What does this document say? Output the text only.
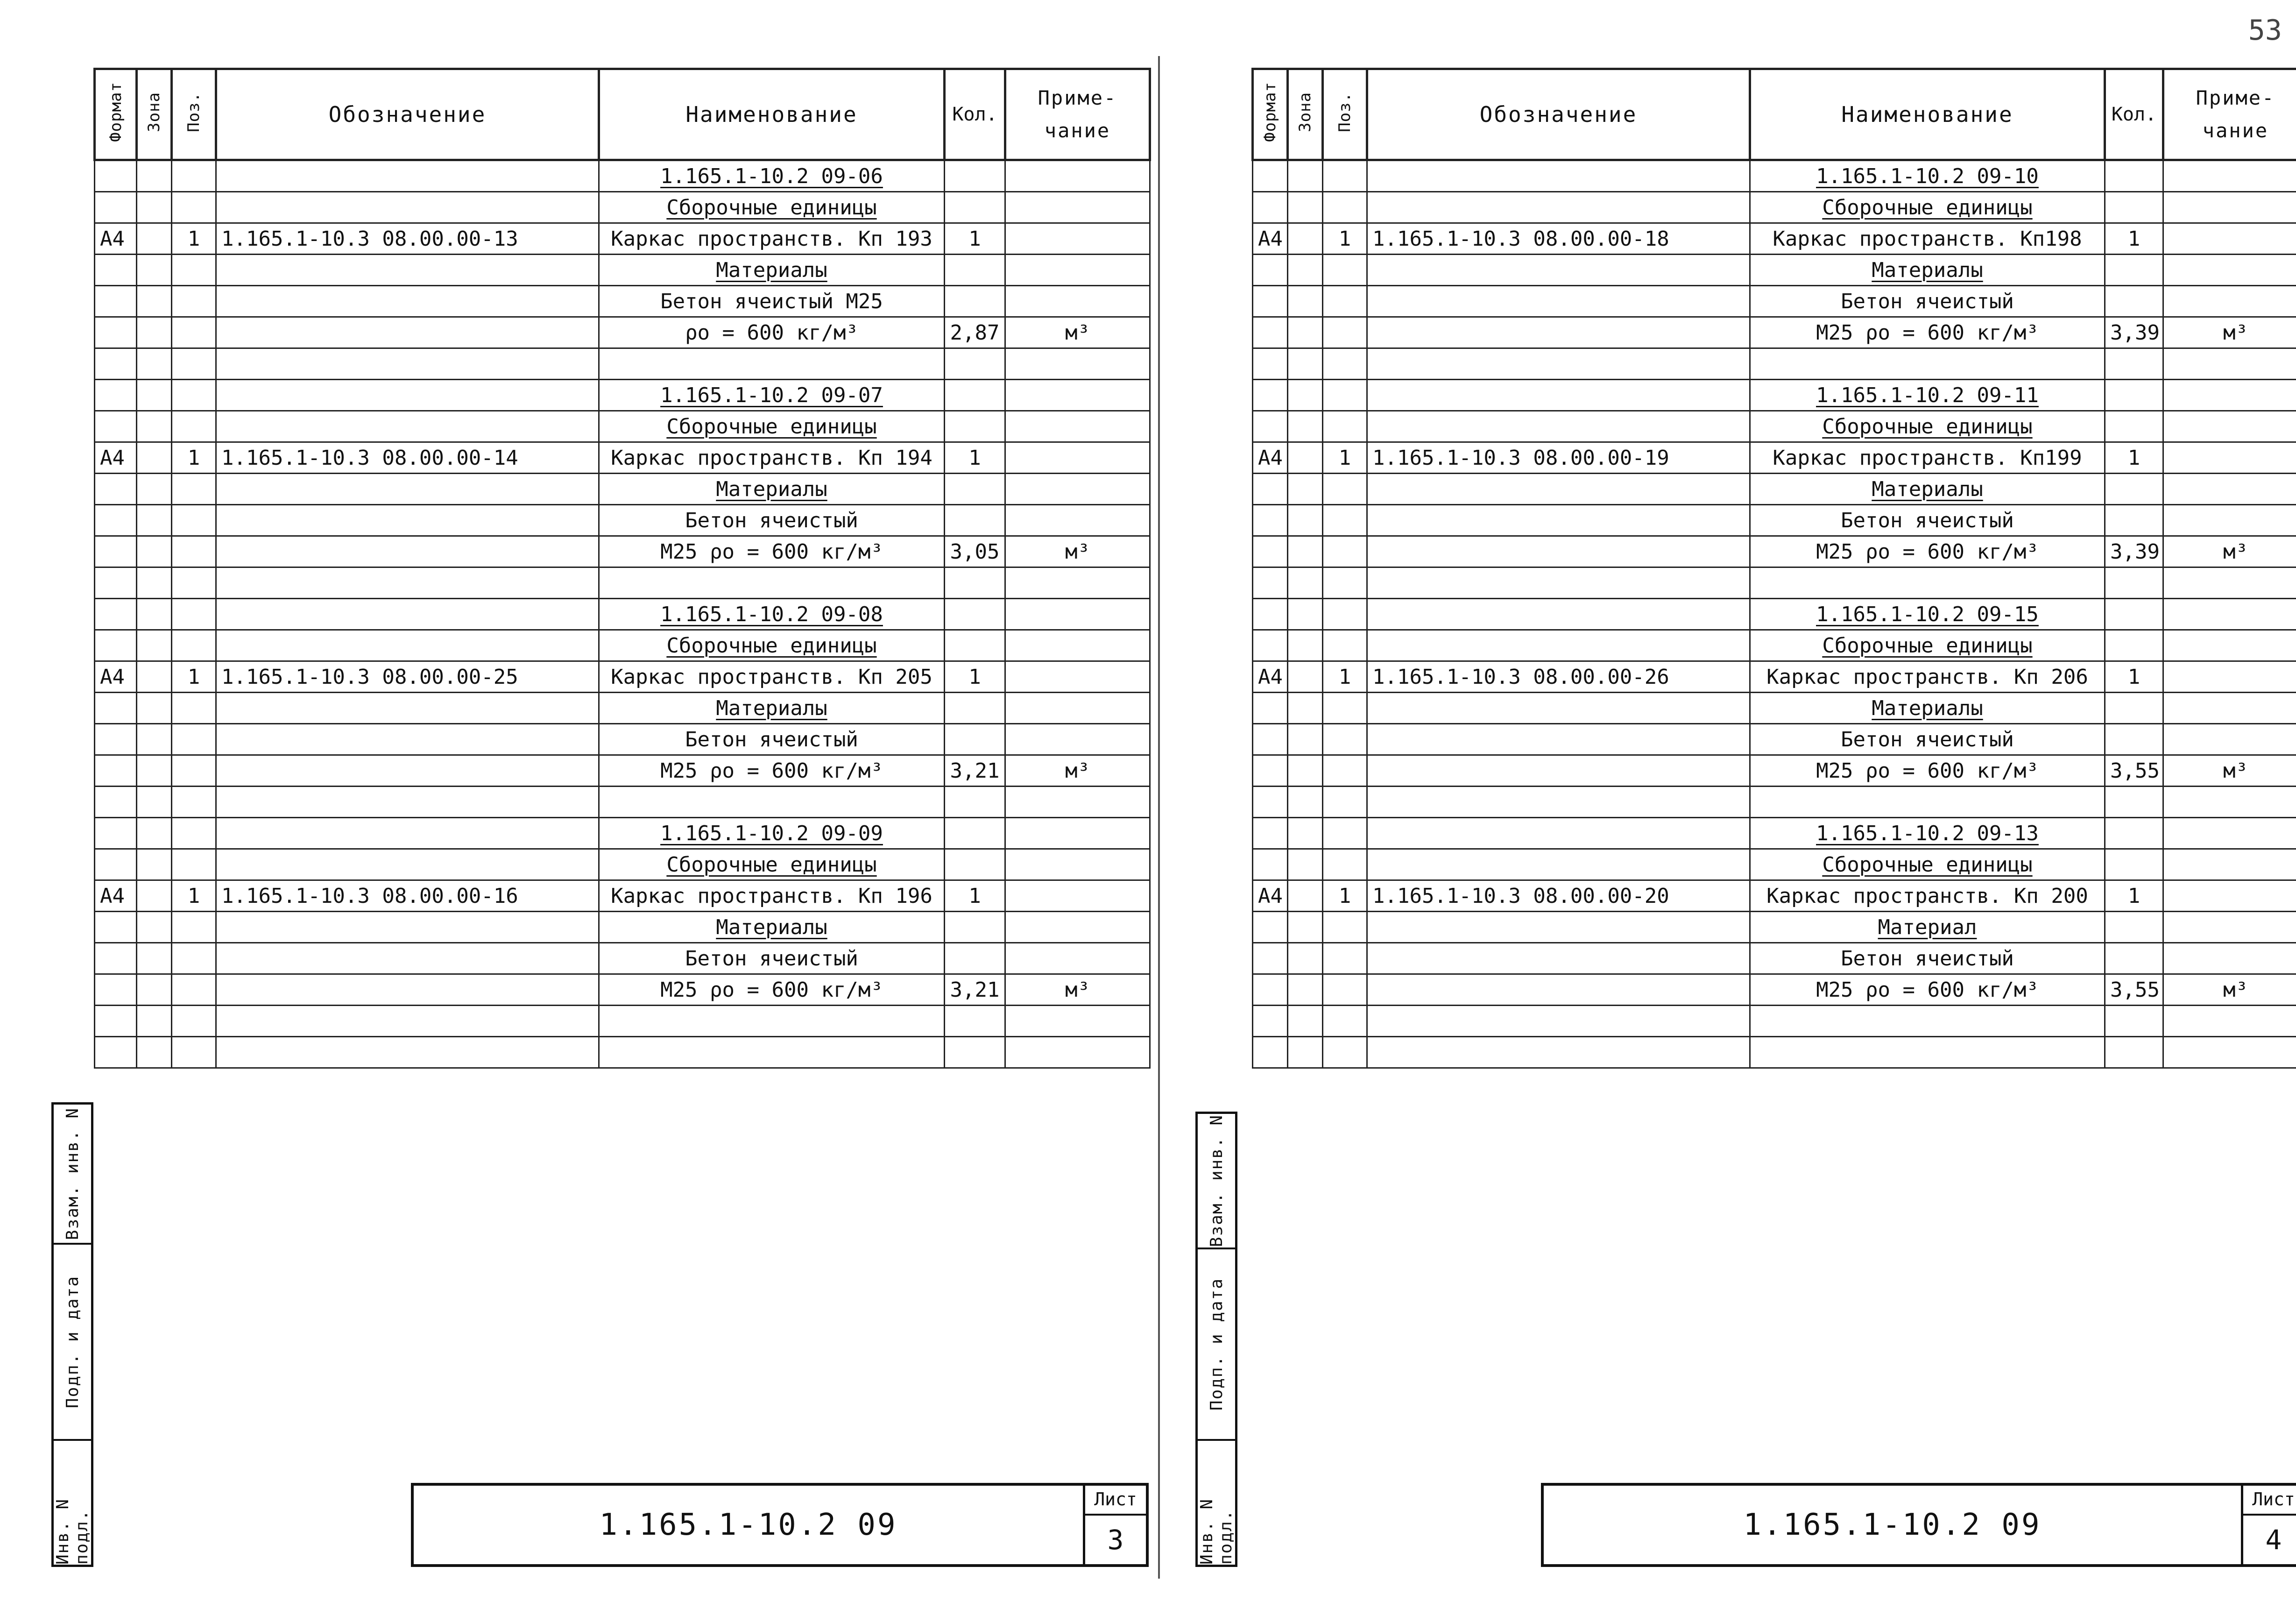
53
Формат	Зона	Поз.	Обозначение	Наименование	Кол.	Приме-чание
				1.165.1-10.2 09-06		
				Сборочные единицы		
А4		1	1.165.1-10.3 08.00.00-13	Каркас пространств. Кп 193	1	
				Материалы		
				Бетон ячеистый М25		
				ρo = 600 кг/м³	2,87	м³

				1.165.1-10.2 09-07		
				Сборочные единицы		
А4		1	1.165.1-10.3 08.00.00-14	Каркас пространств. Кп 194	1	
				Материалы		
				Бетон ячеистый		
				М25 ρo = 600 кг/м³	3,05	м³

				1.165.1-10.2 09-08		
				Сборочные единицы		
А4		1	1.165.1-10.3 08.00.00-25	Каркас пространств. Кп 205	1	
				Материалы		
				Бетон ячеистый		
				М25 ρo = 600 кг/м³	3,21	м³

				1.165.1-10.2 09-09		
				Сборочные единицы		
А4		1	1.165.1-10.3 08.00.00-16	Каркас пространств. Кп 196	1	
				Материалы		
				Бетон ячеистый		
				М25 ρo = 600 кг/м³	3,21	м³

1.165.1-10.2 09
Лист
3
Взам. инв. N
Подп. и дата
Инв. N подл.
Формат	Зона	Поз.	Обозначение	Наименование	Кол.	Приме-чание
				1.165.1-10.2 09-10		
				Сборочные единицы		
А4		1	1.165.1-10.3 08.00.00-18	Каркас пространств. Кп198	1	
				Материалы		
				Бетон ячеистый		
				М25 ρo = 600 кг/м³	3,39	м³

				1.165.1-10.2 09-11		
				Сборочные единицы		
А4		1	1.165.1-10.3 08.00.00-19	Каркас пространств. Кп199	1	
				Материалы		
				Бетон ячеистый		
				М25 ρo = 600 кг/м³	3,39	м³

				1.165.1-10.2 09-15		
				Сборочные единицы		
А4		1	1.165.1-10.3 08.00.00-26	Каркас пространств. Кп 206	1	
				Материалы		
				Бетон ячеистый		
				М25 ρo = 600 кг/м³	3,55	м³

				1.165.1-10.2 09-13		
				Сборочные единицы		
А4		1	1.165.1-10.3 08.00.00-20	Каркас пространств. Кп 200	1	
				Материал		
				Бетон ячеистый		
				М25 ρo = 600 кг/м³	3,55	м³

1.165.1-10.2 09
Лист
4
Взам. инв. N
Подп. и дата
Инв. N подл.
